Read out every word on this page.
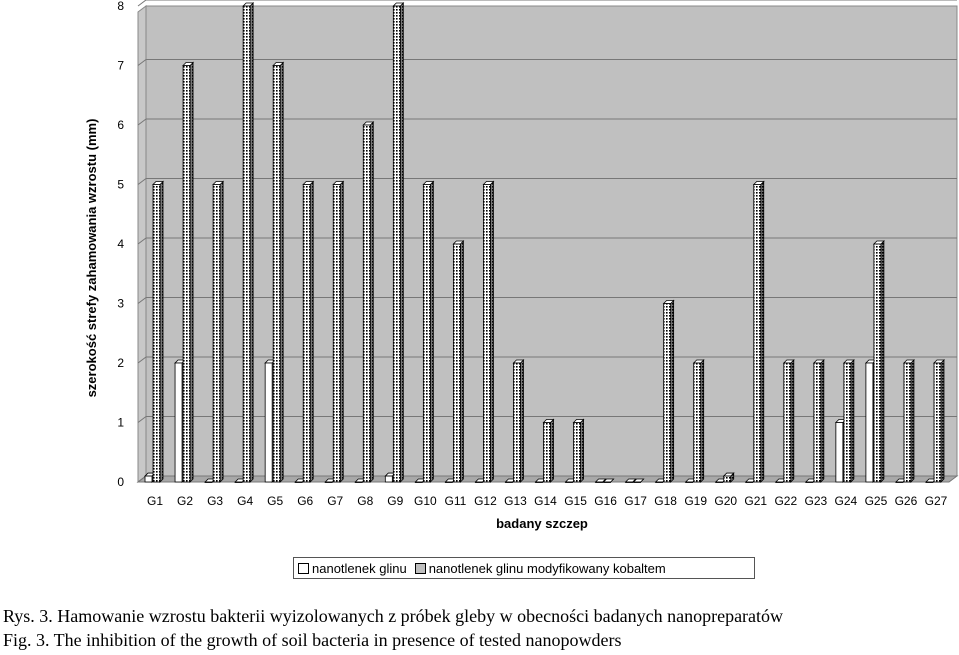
0
1
2
3
4
5
6
7
8
G1 G2 G3 G4 G5 G6 G7 G8 G9 G10 G11 G12 G13 G14 G15 G16 G17 G18 G19 G20 G21 G22 G23 G24 G25 G26 G27
szerokość strefy zahamowania wzrostu (mm)
badany szczep
nanotlenek glinu nanotlenek glinu modyfikowany kobaltem
Rys. 3. Hamowanie wzrostu bakterii wyizolowanych z próbek gleby w obecności badanych nanopreparatów
Fig. 3. The inhibition of the growth of soil bacteria in presence of tested nanopowders
